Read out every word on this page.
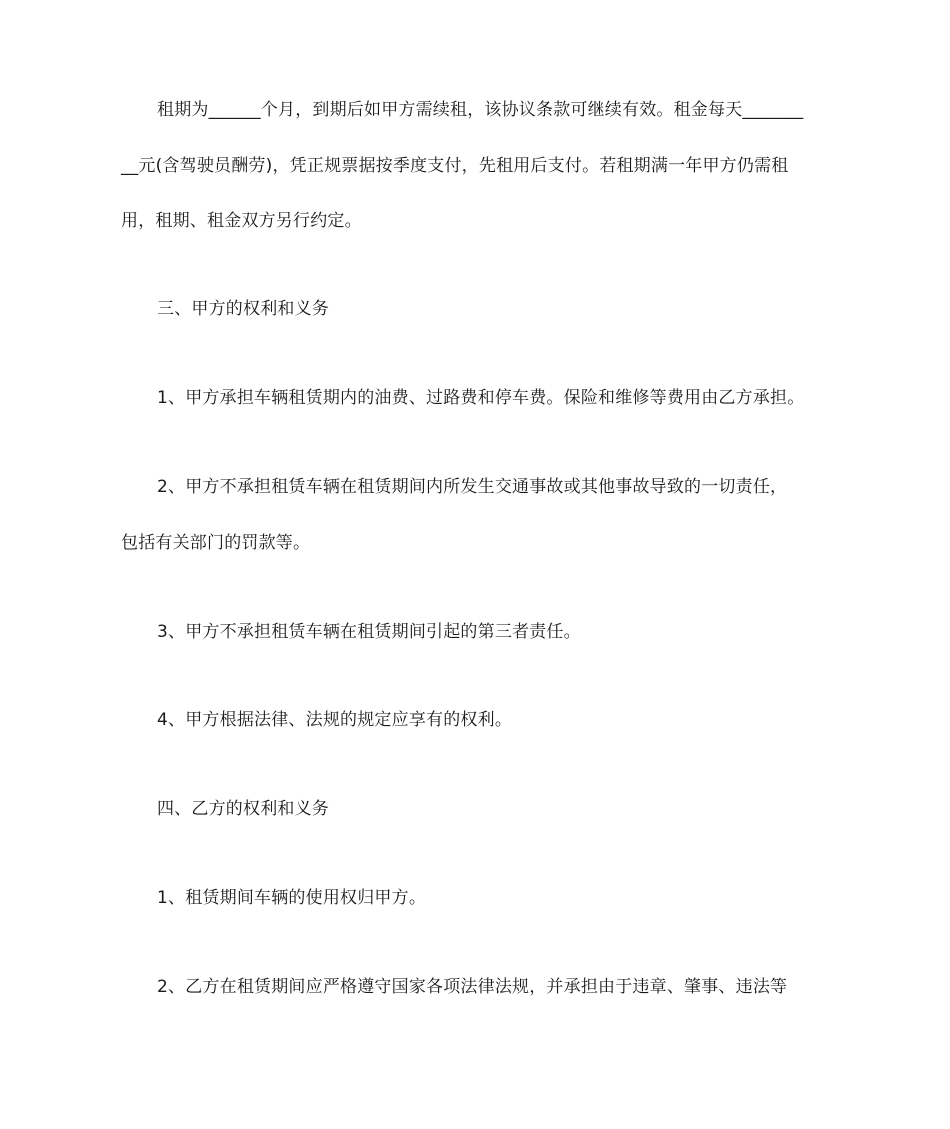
租期为______个月，到期后如甲方需续租，该协议条款可继续有效。租金每天_______
__元(含驾驶员酬劳)，凭正规票据按季度支付，先租用后支付。若租期满一年甲方仍需租
用，租期、租金双方另行约定。
三、甲方的权利和义务
1、甲方承担车辆租赁期内的油费、过路费和停车费。保险和维修等费用由乙方承担。
2、甲方不承担租赁车辆在租赁期间内所发生交通事故或其他事故导致的一切责任，
包括有关部门的罚款等。
3、甲方不承担租赁车辆在租赁期间引起的第三者责任。
4、甲方根据法律、法规的规定应享有的权利。
四、乙方的权利和义务
1、租赁期间车辆的使用权归甲方。
2、乙方在租赁期间应严格遵守国家各项法律法规，并承担由于违章、肇事、违法等
